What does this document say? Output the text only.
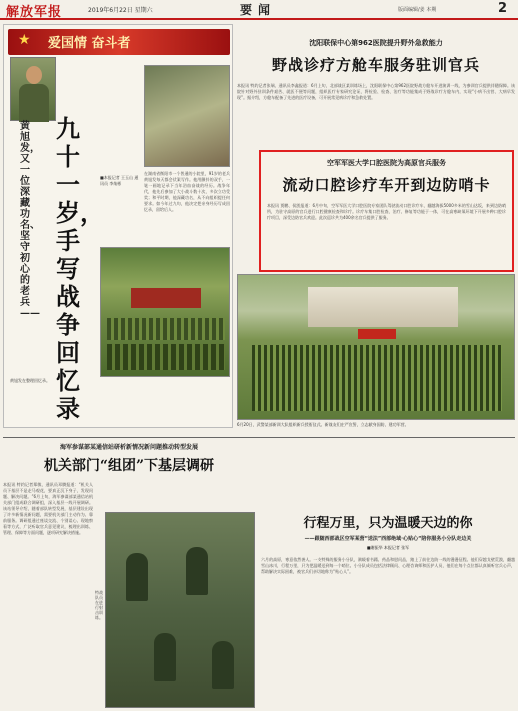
解放军报	2019年6月22日 星期六	要闻	版面编辑/姜 本期	2
★ 爱国情 奋斗者
黄旭发，又一位深藏功名、坚守初心的老兵——
九十一岁，手写战争回忆录
■本报记者 王玉山 通讯员 李灿彬
在湖南省衡阳市一个普通的小院里，91岁的老兵黄旭发每天都会伏案写作。他用颤抖的双手，一笔一画地记录下当年浴血奋战的经历。战争年代，他先后参加了大小战斗数十次，多次立功受奖；和平时期，他深藏功名，从不向组织提任何要求。如今年过九旬，他决定把亲身经历写成回忆录，留给后人。
黄旭发在整理回忆录。
沈阳联保中心第962医院提升野外急救能力
野战诊疗方舱车服务驻训官兵
本报讯 特约记者张瑞、通讯员李鑫报道：6月上旬，北部战区某训练场上，沈阳联保中心第962医院野战方舱车开进演训一线，为参训官兵提供伴随保障。该院针对野外驻训条件艰苦、就医不便等问题，组织医疗专家研究论证，将检验、检查、治疗等功能集成于野战诊疗方舱车内，实现“小病不出营、大病早发现”。据介绍，方舱车配备了先进的医疗设备，可开展常见病诊疗和急救处置。
空军军医大学口腔医院为高原官兵服务
流动口腔诊疗车开到边防哨卡
本报讯 贾鹏、侯凯报道：6月中旬，空军军医大学口腔医院专家团队驾驶流动口腔诊疗车，翻越海拔5000多米的雪山达坂，来到边防哨所，为驻守高原的官兵进行口腔健康检查和诊疗。诊疗车集口腔检查、治疗、修复等功能于一体，可在高寒缺氧环境下开展多种口腔诊疗项目，深受边防官兵欢迎。此次巡诊共为400余名官兵提供了服务。
6月20日，武警某部新训大队组织新兵授衔仪式。新战友们庄严宣誓，立志献身国防、建功军营。
海军参谋部某通信站研析新情况新问题推动转型发展
机关部门“组团”下基层调研
本报讯 特约记者郑敏、通讯员邓腾报道：“机关人员下基层不是走马观花，要真正沉下身子，发现问题、解决问题。”6月上旬，海军参谋部某通信站机关部门组成联合调研组，深入基层一线开展调研。该站领导介绍，随着部队转型发展，基层建设出现了许多新情况新问题，需要机关部门主动作为、靠前服务。调研组通过座谈交流、个别谈心、现地察看等方式，广泛听取官兵意见建议，梳理出训练、管理、保障等方面问题，逐项研究解决措施。
特战队员在进行射击训练。
行程万里，只为温暖天边的你
——跟随西部战区空军某营“送法”西部绝域·心贴心“陪你服务小分队走边关
■谢振华 本报记者 张军
六月的高原，寒意依然袭人。一支特殊的服务小分队，满载着书籍、药品和慰问品，踏上了前往边防一线的漫漫征程。他们穿越戈壁荒漠，翻越雪山冰川，行程万里，只为把温暖送到每一个哨位。小分队成员包括法律顾问、心理咨询师和医护人员，他们在每个点位都认真倾听官兵心声，帮助解决实际困难，被官兵们亲切地称为“贴心人”。
